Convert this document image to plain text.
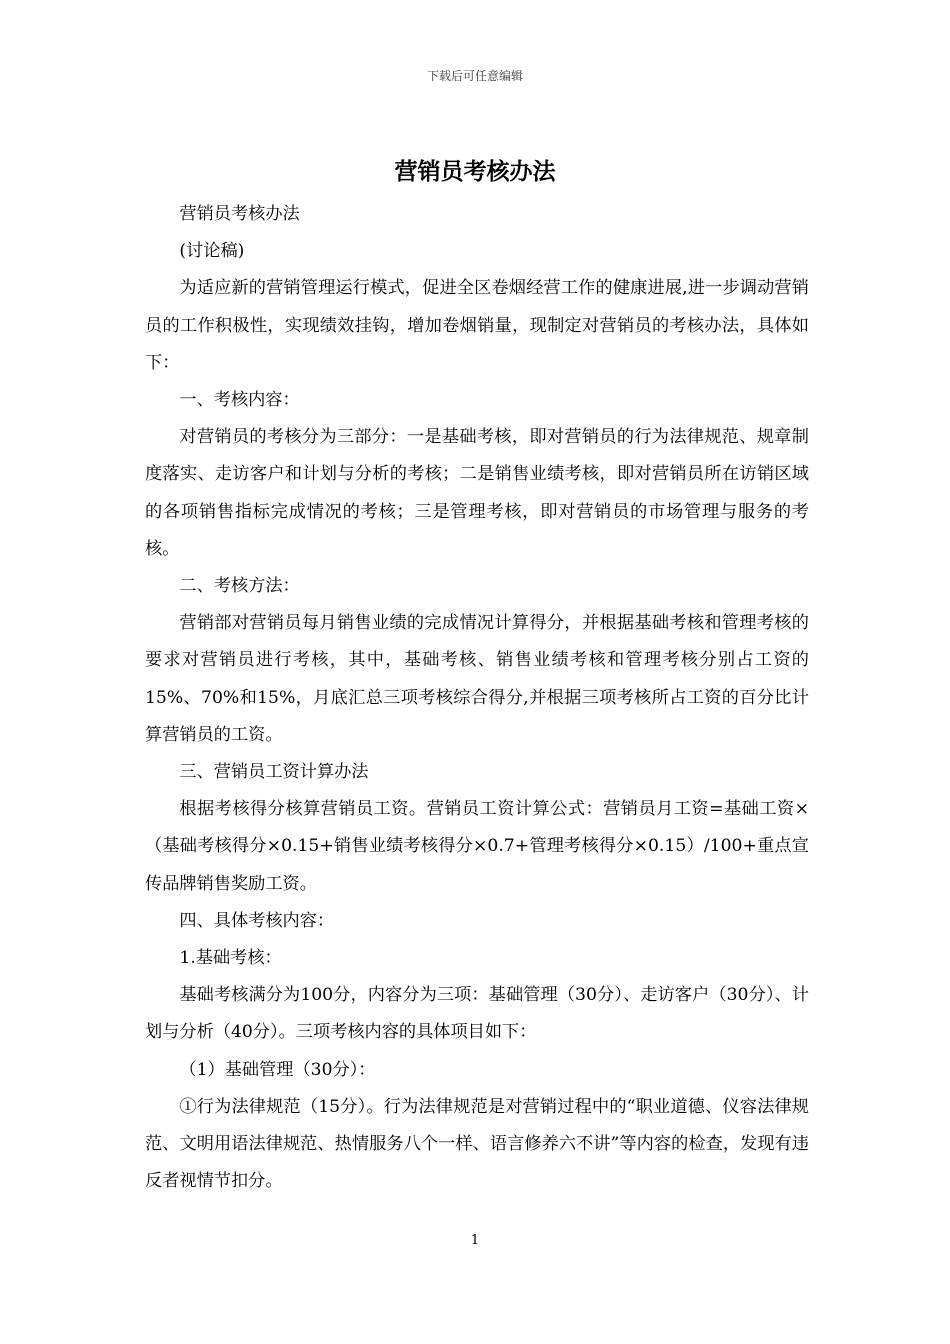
下载后可任意编辑
营销员考核办法

营销员考核办法

(讨论稿)

为适应新的营销管理运行模式，促进全区卷烟经营工作的健康进展,进一步调动营销员的工作积极性，实现绩效挂钩，增加卷烟销量，现制定对营销员的考核办法，具体如下：

一、考核内容：

对营销员的考核分为三部分：一是基础考核，即对营销员的行为法律规范、规章制度落实、走访客户和计划与分析的考核；二是销售业绩考核，即对营销员所在访销区域的各项销售指标完成情况的考核；三是管理考核，即对营销员的市场管理与服务的考核。

二、考核方法：

营销部对营销员每月销售业绩的完成情况计算得分，并根据基础考核和管理考核的要求对营销员进行考核，其中，基础考核、销售业绩考核和管理考核分别占工资的15%、70%和15%，月底汇总三项考核综合得分,并根据三项考核所占工资的百分比计算营销员的工资。

三、营销员工资计算办法

根据考核得分核算营销员工资。营销员工资计算公式：营销员月工资=基础工资×（基础考核得分×0.15+销售业绩考核得分×0.7+管理考核得分×0.15）/100+重点宣传品牌销售奖励工资。

四、具体考核内容：

1.基础考核：

基础考核满分为100分，内容分为三项：基础管理（30分）、走访客户（30分）、计划与分析（40分）。三项考核内容的具体项目如下：

（1）基础管理（30分）：

①行为法律规范（15分）。行为法律规范是对营销过程中的“职业道德、仪容法律规范、文明用语法律规范、热情服务八个一样、语言修养六不讲”等内容的检查，发现有违反者视情节扣分。

1
